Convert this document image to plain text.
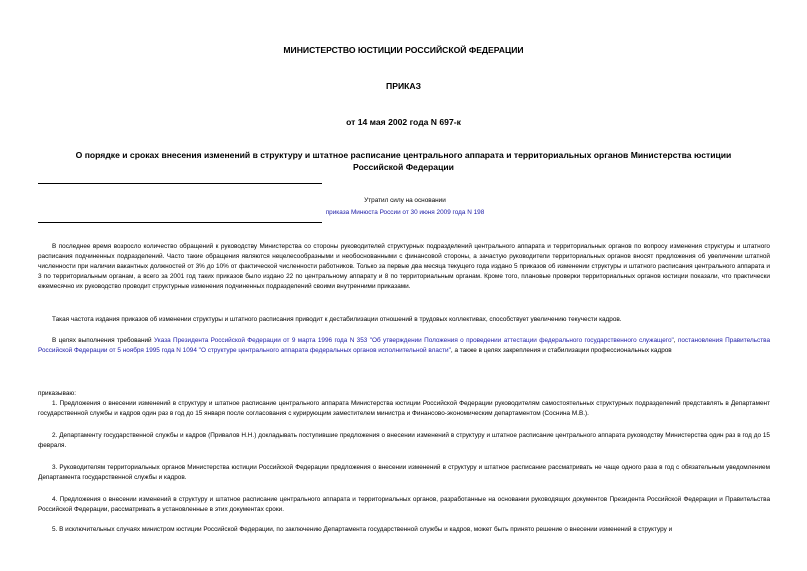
МИНИСТЕРСТВО ЮСТИЦИИ РОССИЙСКОЙ ФЕДЕРАЦИИ

ПРИКАЗ

от 14 мая 2002 года N 697-к

О порядке и сроках внесения изменений в структуру и штатное расписание центрального аппарата и территориальных органов Министерства юстиции Российской Федерации

Утратил силу на основании
приказа Минюста России от 30 июня 2009 года N 198

В последнее время возросло количество обращений к руководству Министерства со стороны руководителей структурных подразделений центрального аппарата и территориальных органов по вопросу изменения структуры и штатного расписания подчиненных подразделений. Часто такие обращения являются нецелесообразными и необоснованными с финансовой стороны, а зачастую руководители территориальных органов вносят предложения об увеличении штатной численности при наличии вакантных должностей от 3% до 10% от фактической численности работников. Только за первые два месяца текущего года издано 5 приказов об изменении структуры и штатного расписания центрального аппарата и 3 по территориальным органам, а всего за 2001 год таких приказов было издано 22 по центральному аппарату и 8 по территориальным органам. Кроме того, плановые проверки территориальных органов юстиции показали, что практически ежемесячно их руководство проводит структурные изменения подчиненных подразделений своими внутренними приказами.

Такая частота издания приказов об изменении структуры и штатного расписания приводит к дестабилизации отношений в трудовых коллективах, способствует увеличению текучести кадров.

В целях выполнения требований Указа Президента Российской Федерации от 9 марта 1996 года N 353 "Об утверждении Положения о проведении аттестации федерального государственного служащего", постановления Правительства Российской Федерации от 5 ноября 1995 года N 1094 "О структуре центрального аппарата федеральных органов исполнительной власти", а также в целях закрепления и стабилизации профессиональных кадров

приказываю:

1. Предложения о внесении изменений в структуру и штатное расписание центрального аппарата Министерства юстиции Российской Федерации руководителям самостоятельных структурных подразделений представлять в Департамент государственной службы и кадров один раз в год до 15 января после согласования с курирующим заместителем министра и Финансово-экономическим департаментом (Соснина М.В.).

2. Департаменту государственной службы и кадров (Привалов Н.Н.) докладывать поступившие предложения о внесении изменений в структуру и штатное расписание центрального аппарата руководству Министерства один раз в год до 15 февраля.

3. Руководителям территориальных органов Министерства юстиции Российской Федерации предложения о внесении изменений в структуру и штатное расписание рассматривать не чаще одного раза в год с обязательным уведомлением Департамента государственной службы и кадров.

4. Предложения о внесении изменений в структуру и штатное расписание центрального аппарата и территориальных органов, разработанные на основании руководящих документов Президента Российской Федерации и Правительства Российской Федерации, рассматривать в установленные в этих документах сроки.

5. В исключительных случаях министром юстиции Российской Федерации, по заключению Департамента государственной службы и кадров, может быть принято решение о внесении изменений в структуру и
